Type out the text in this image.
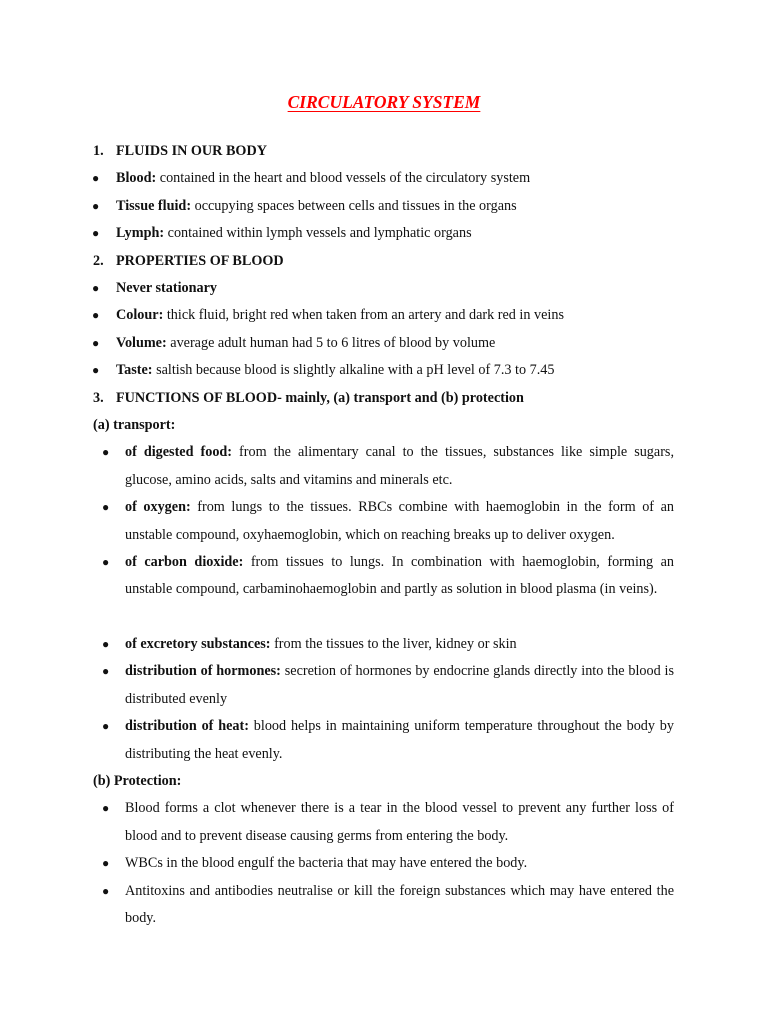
CIRCULATORY SYSTEM
1. FLUIDS IN OUR BODY
● Blood: contained in the heart and blood vessels of the circulatory system
● Tissue fluid: occupying spaces between cells and tissues in the organs
● Lymph: contained within lymph vessels and lymphatic organs
2. PROPERTIES OF BLOOD
● Never stationary
● Colour: thick fluid, bright red when taken from an artery and dark red in veins
● Volume: average adult human had 5 to 6 litres of blood by volume
● Taste: saltish because blood is slightly alkaline with a pH level of 7.3 to 7.45
3. FUNCTIONS OF BLOOD- mainly, (a) transport and (b) protection
(a) transport:
● of digested food: from the alimentary canal to the tissues, substances like simple sugars, glucose, amino acids, salts and vitamins and minerals etc.
● of oxygen: from lungs to the tissues. RBCs combine with haemoglobin in the form of an unstable compound, oxyhaemoglobin, which on reaching breaks up to deliver oxygen.
● of carbon dioxide: from tissues to lungs. In combination with haemoglobin, forming an unstable compound, carbaminohaemoglobin and partly as solution in blood plasma (in veins).
● of excretory substances: from the tissues to the liver, kidney or skin
● distribution of hormones: secretion of hormones by endocrine glands directly into the blood is distributed evenly
● distribution of heat: blood helps in maintaining uniform temperature throughout the body by distributing the heat evenly.
(b) Protection:
● Blood forms a clot whenever there is a tear in the blood vessel to prevent any further loss of blood and to prevent disease causing germs from entering the body.
● WBCs in the blood engulf the bacteria that may have entered the body.
● Antitoxins and antibodies neutralise or kill the foreign substances which may have entered the body.
